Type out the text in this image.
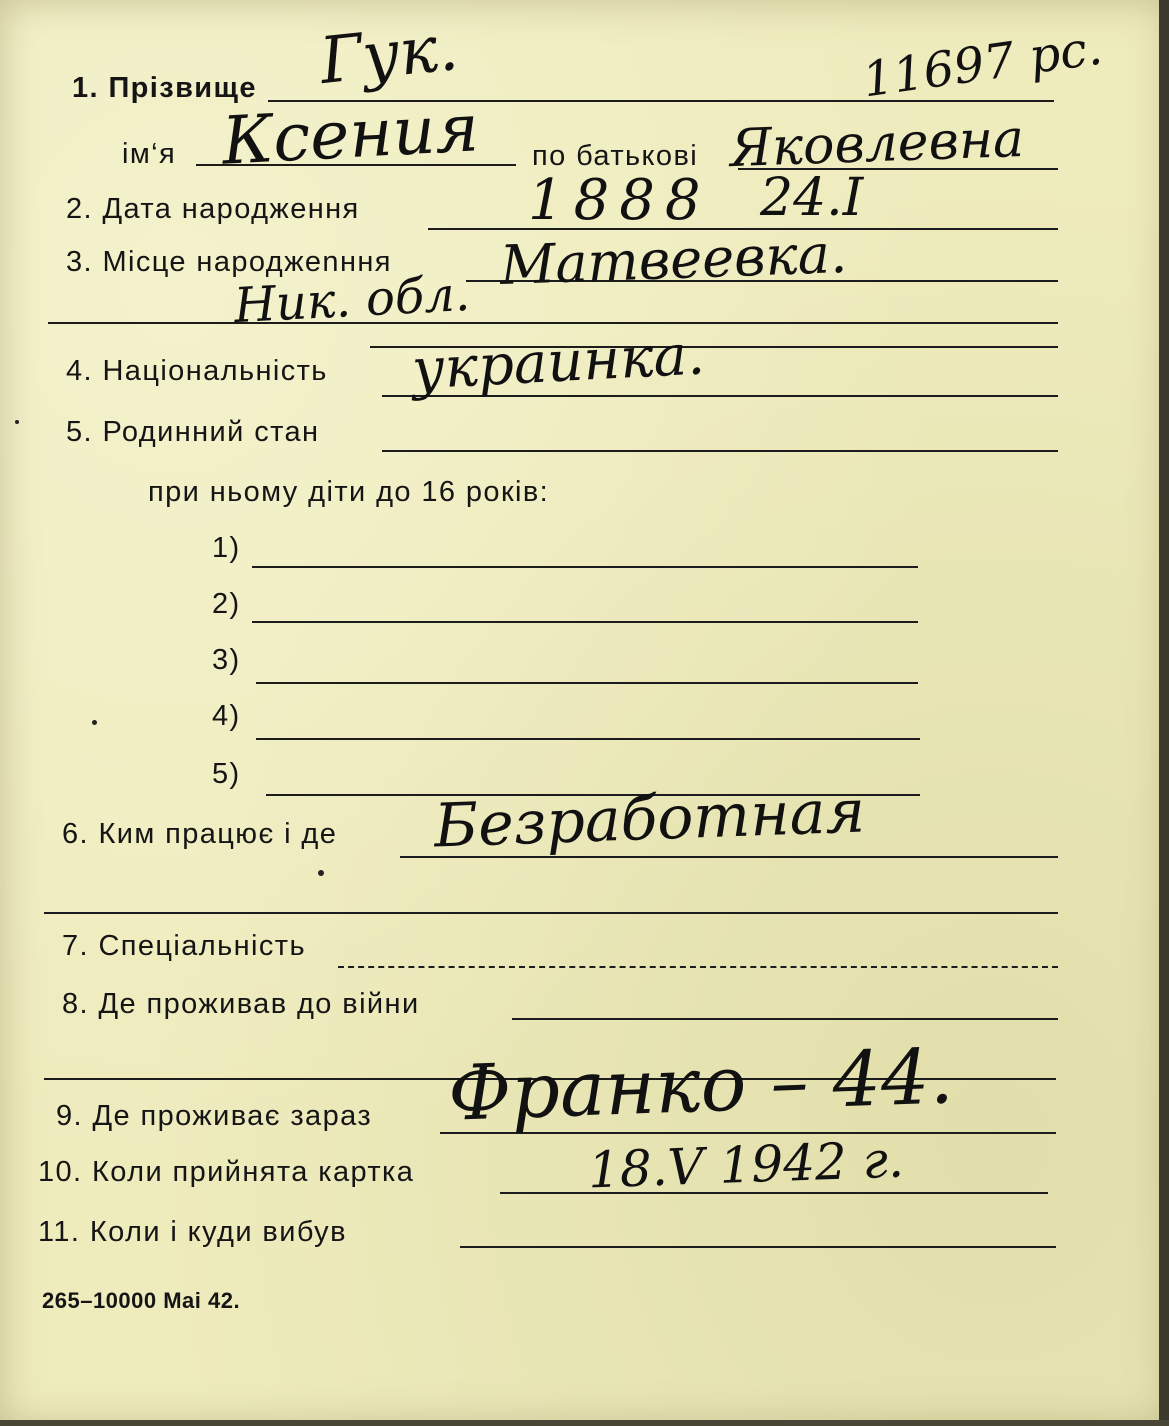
1. Прізвище Гук.	11697 рс.
ім‘я Ксения по батькові Яковлевна
2. Дата народження	1888 24.I
3. Місце народжenння Матвеевка.
Ник. обл.
4. Національність украинка.
5. Родинний стан
при ньому діти до 16 років:
1)
2)
3)
4)
5)
6. Ким працює і де Безработная
7. Спеціальність
8. Де проживав до війни
9. Де проживає зараз Франко – 44.
10. Коли прийнята картка	18.V 1942 г.
11. Коли і куди вибув
265–10000 Mai 42.
